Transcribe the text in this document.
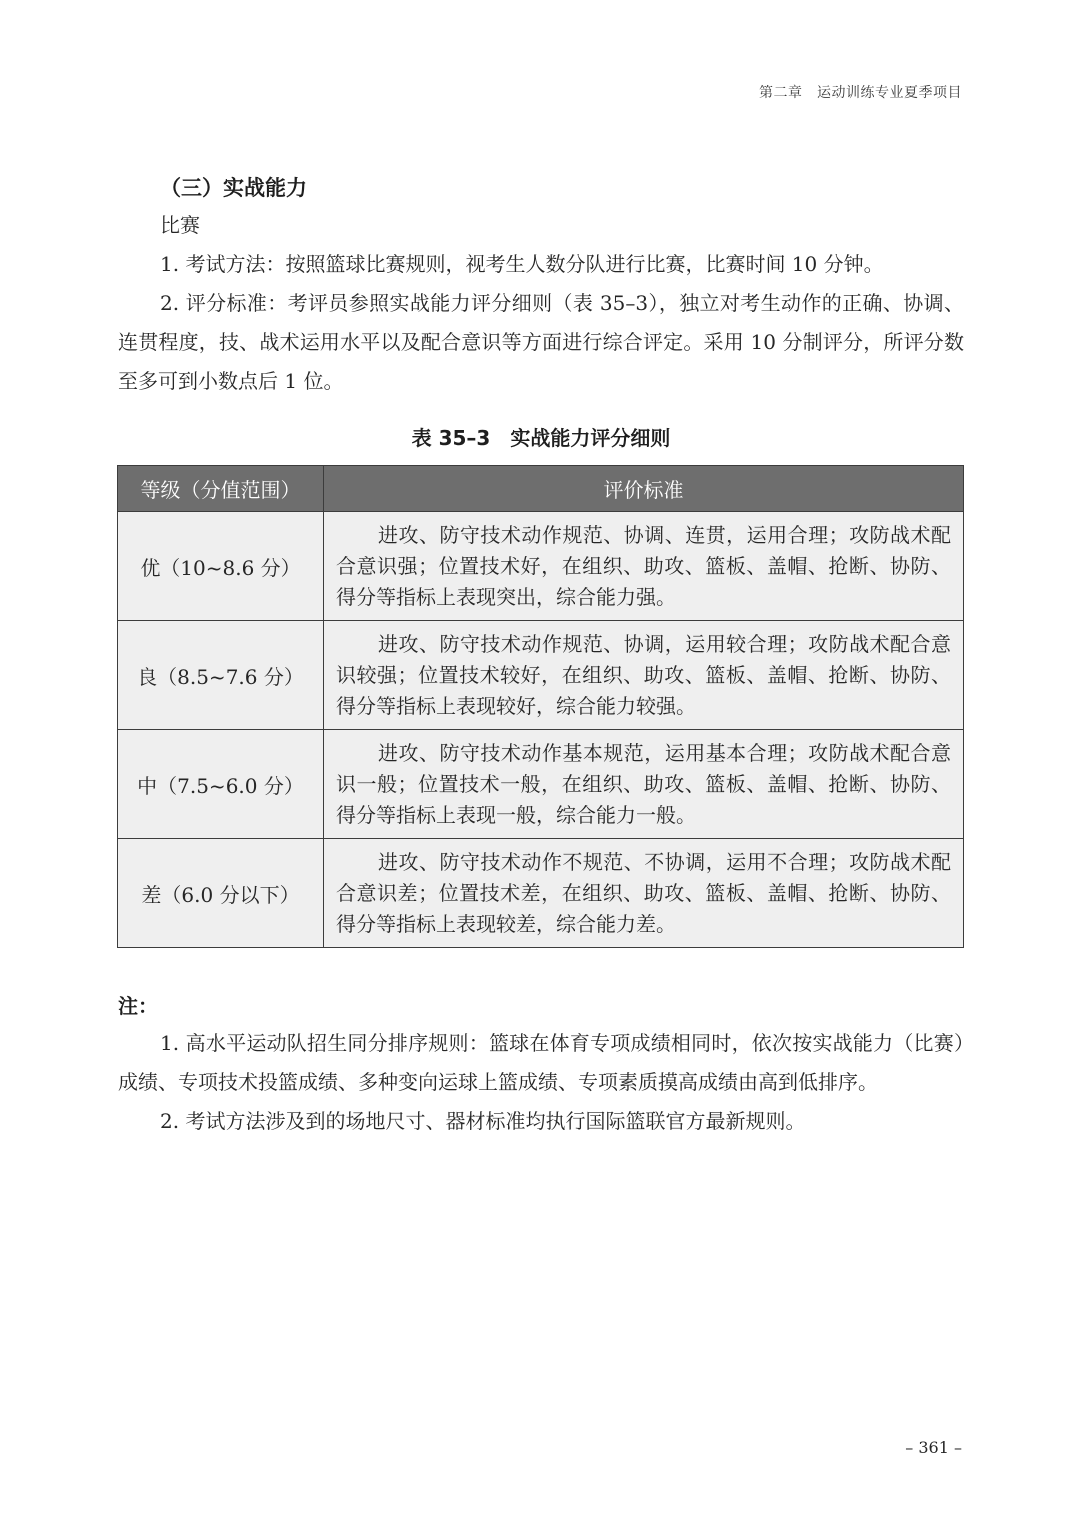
第二章　运动训练专业夏季项目
（三）实战能力
比赛
1. 考试方法：按照篮球比赛规则，视考生人数分队进行比赛，比赛时间 10 分钟。
2. 评分标准：考评员参照实战能力评分细则（表 35–3），独立对考生动作的正确、协调、连贯程度，技、战术运用水平以及配合意识等方面进行综合评定。采用 10 分制评分，所评分数至多可到小数点后 1 位。
表 35–3　实战能力评分细则
等级（分值范围）	评价标准
优（10~8.6 分）	进攻、防守技术动作规范、协调、连贯，运用合理；攻防战术配合意识强；位置技术好，在组织、助攻、篮板、盖帽、抢断、协防、得分等指标上表现突出，综合能力强。
良（8.5~7.6 分）	进攻、防守技术动作规范、协调，运用较合理；攻防战术配合意识较强；位置技术较好，在组织、助攻、篮板、盖帽、抢断、协防、得分等指标上表现较好，综合能力较强。
中（7.5~6.0 分）	进攻、防守技术动作基本规范，运用基本合理；攻防战术配合意识一般；位置技术一般，在组织、助攻、篮板、盖帽、抢断、协防、得分等指标上表现一般，综合能力一般。
差（6.0 分以下）	进攻、防守技术动作不规范、不协调，运用不合理；攻防战术配合意识差；位置技术差，在组织、助攻、篮板、盖帽、抢断、协防、得分等指标上表现较差，综合能力差。
注：
1. 高水平运动队招生同分排序规则：篮球在体育专项成绩相同时，依次按实战能力（比赛）成绩、专项技术投篮成绩、多种变向运球上篮成绩、专项素质摸高成绩由高到低排序。
2. 考试方法涉及到的场地尺寸、器材标准均执行国际篮联官方最新规则。
– 361 –
